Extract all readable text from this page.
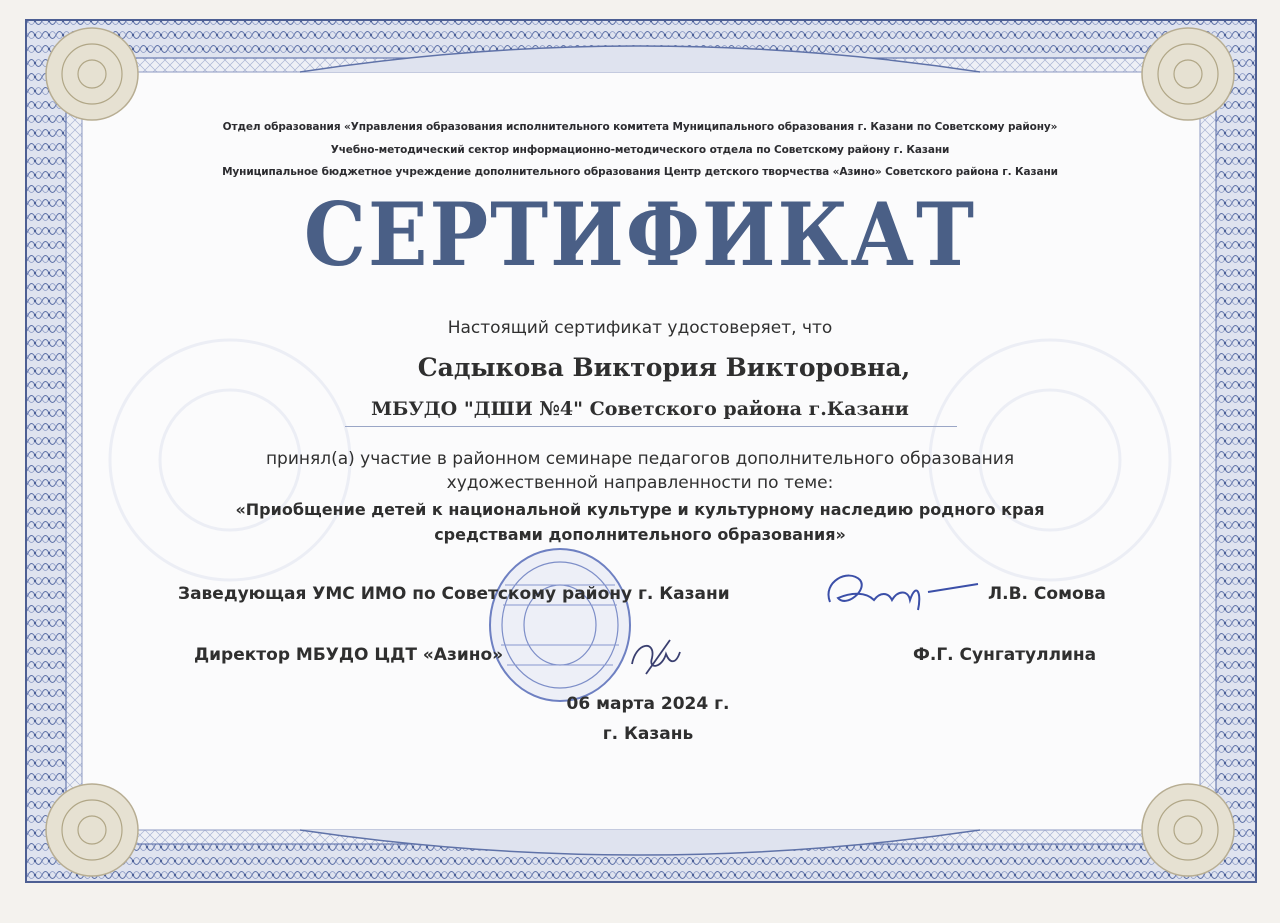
Отдел образования «Управления образования исполнительного комитета Муниципального образования г. Казани по Советскому району»
Учебно-методический сектор информационно-методического отдела по Советскому району г. Казани
Муниципальное бюджетное учреждение дополнительного образования Центр детского творчества «Азино» Советского района г. Казани
СЕРТИФИКАТ
Настоящий сертификат удостоверяет, что
Садыкова Виктория Викторовна,
МБУДО "ДШИ №4" Советского района г.Казани
принял(а) участие в районном семинаре педагогов дополнительного образования
художественной направленности по теме:
«Приобщение детей к национальной культуре и культурному наследию родного края
средствами дополнительного образования»
Заведующая УМС ИМО по Советскому району г. Казани	Л.В. Сомова
Директор МБУДО ЦДТ «Азино»	Ф.Г. Сунгатуллина
06 марта 2024 г.
г. Казань
